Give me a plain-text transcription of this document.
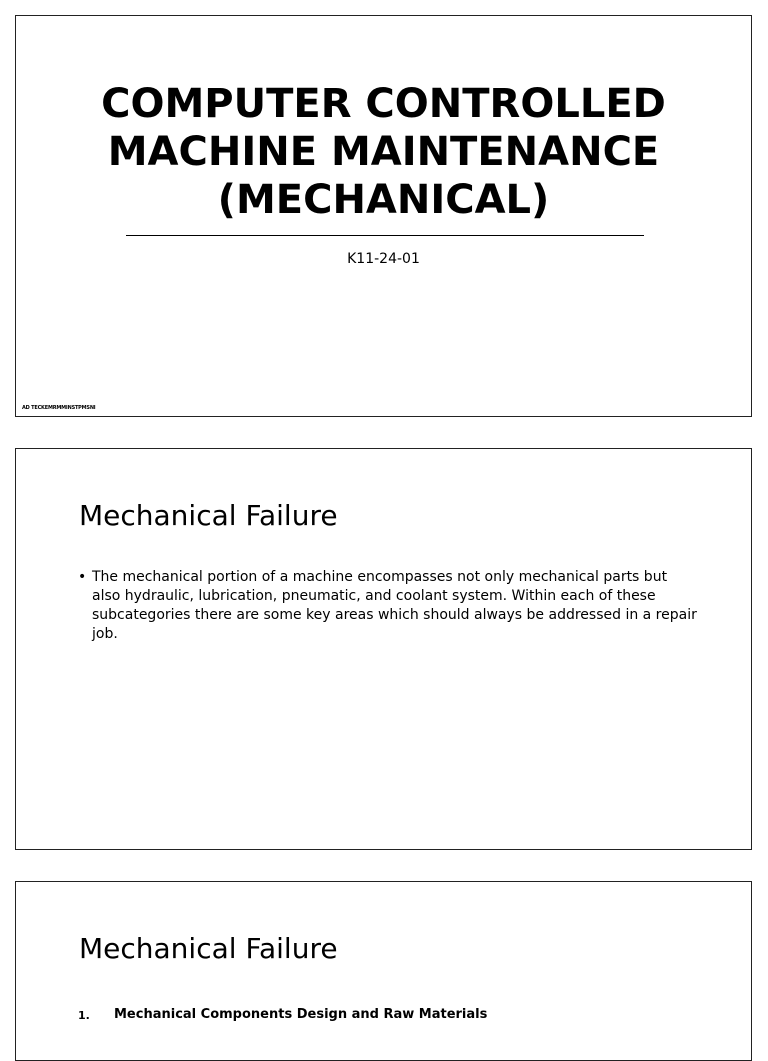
COMPUTER CONTROLLED
MACHINE MAINTENANCE
(MECHANICAL)
K11-24-01
AD TECKEMRMMINSTPMSNI
Mechanical Failure
• The mechanical portion of a machine encompasses not only mechanical parts but also hydraulic, lubrication, pneumatic, and coolant system. Within each of these subcategories there are some key areas which should always be addressed in a repair job.
Mechanical Failure
1. Mechanical Components Design and Raw Materials
